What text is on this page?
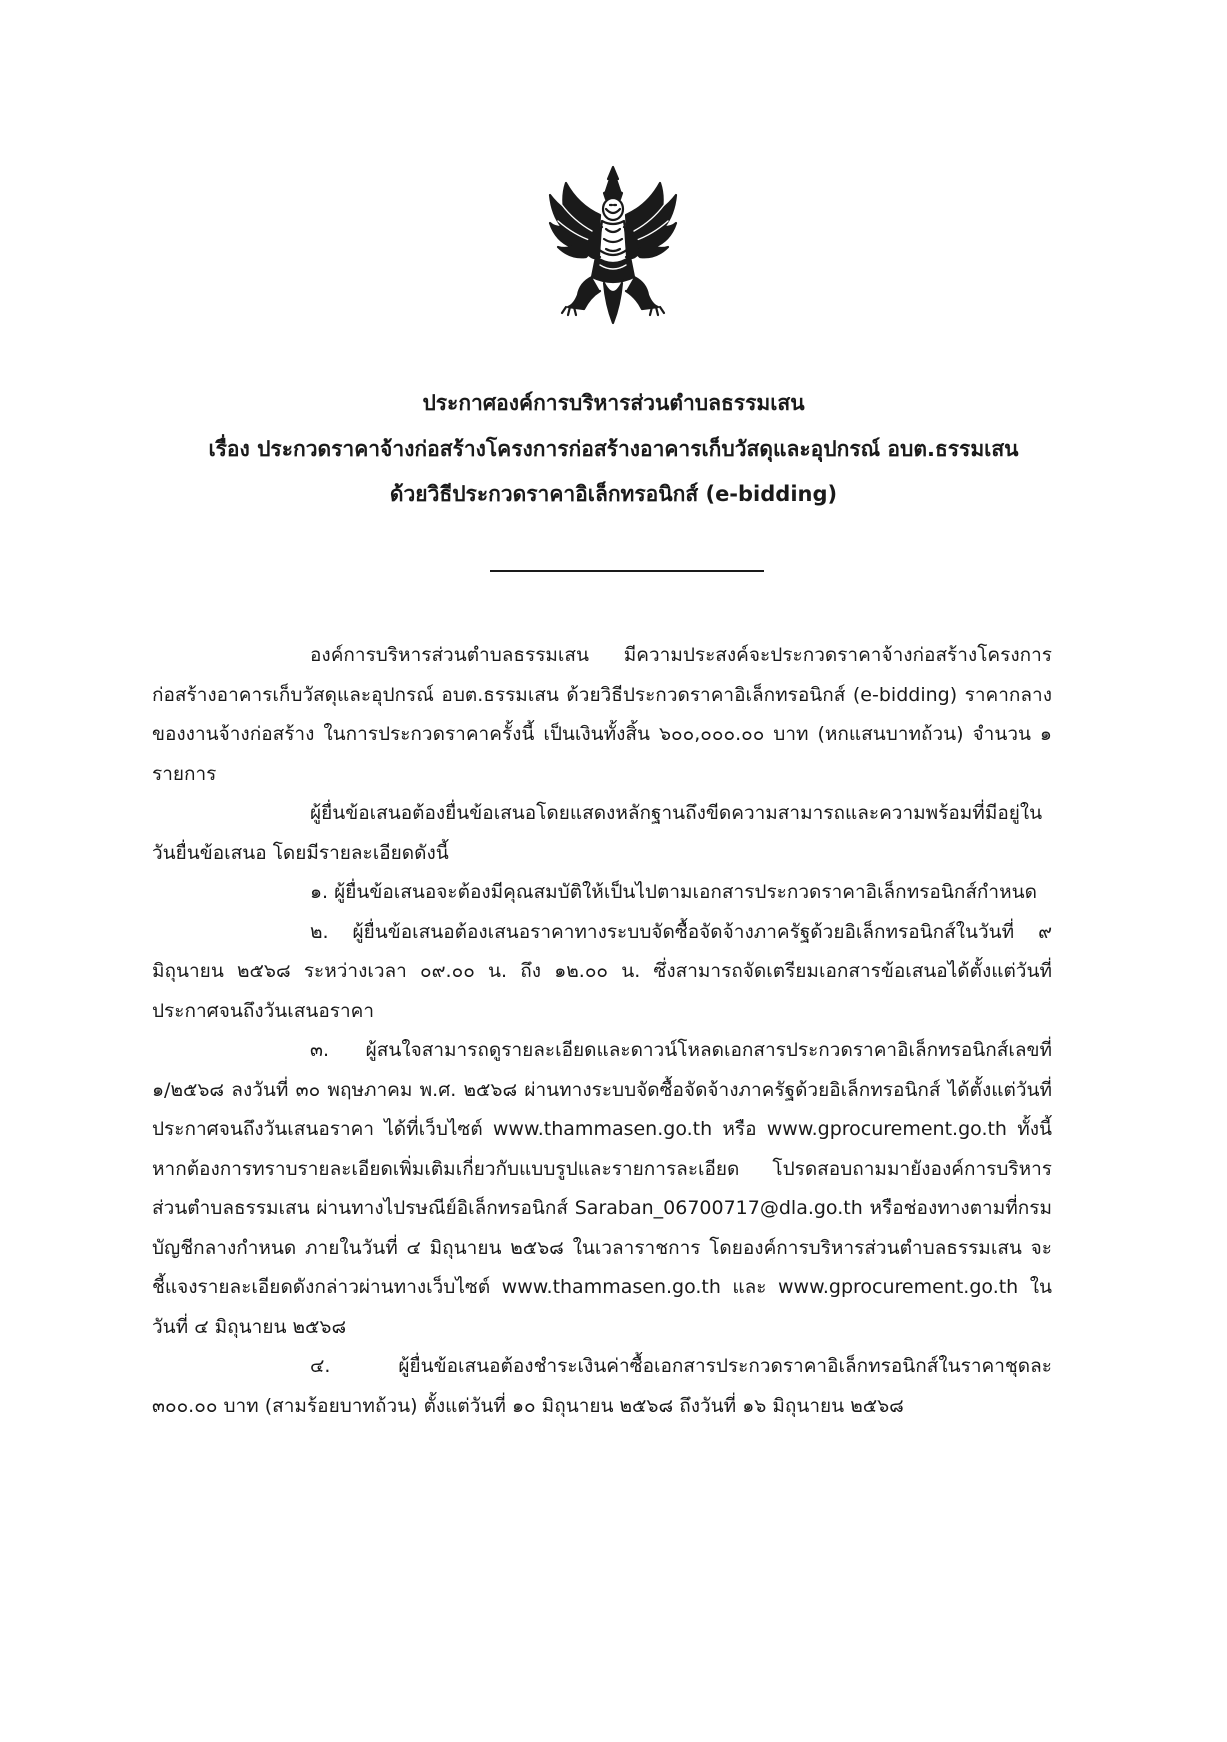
ประกาศองค์การบริหารส่วนตำบลธรรมเสน
เรื่อง ประกวดราคาจ้างก่อสร้างโครงการก่อสร้างอาคารเก็บวัสดุและอุปกรณ์ อบต.ธรรมเสน
ด้วยวิธีประกวดราคาอิเล็กทรอนิกส์ (e-bidding)

องค์การบริหารส่วนตำบลธรรมเสน มีความประสงค์จะประกวดราคาจ้างก่อสร้างโครงการก่อสร้างอาคารเก็บวัสดุและอุปกรณ์ อบต.ธรรมเสน ด้วยวิธีประกวดราคาอิเล็กทรอนิกส์ (e-bidding) ราคากลางของงานจ้างก่อสร้าง ในการประกวดราคาครั้งนี้ เป็นเงินทั้งสิ้น ๖๐๐,๐๐๐.๐๐ บาท (หกแสนบาทถ้วน) จำนวน ๑ รายการ

ผู้ยื่นข้อเสนอต้องยื่นข้อเสนอโดยแสดงหลักฐานถึงขีดความสามารถและความพร้อมที่มีอยู่ใน วันยื่นข้อเสนอ โดยมีรายละเอียดดังนี้

๑. ผู้ยื่นข้อเสนอจะต้องมีคุณสมบัติให้เป็นไปตามเอกสารประกวดราคาอิเล็กทรอนิกส์กำหนด

๒. ผู้ยื่นข้อเสนอต้องเสนอราคาทางระบบจัดซื้อจัดจ้างภาครัฐด้วยอิเล็กทรอนิกส์ในวันที่ ๙ มิถุนายน ๒๕๖๘ ระหว่างเวลา ๐๙.๐๐ น. ถึง ๑๒.๐๐ น. ซึ่งสามารถจัดเตรียมเอกสารข้อเสนอได้ตั้งแต่วันที่ประกาศจนถึงวันเสนอราคา

๓. ผู้สนใจสามารถดูรายละเอียดและดาวน์โหลดเอกสารประกวดราคาอิเล็กทรอนิกส์เลขที่ ๑/๒๕๖๘ ลงวันที่ ๓๐ พฤษภาคม พ.ศ. ๒๕๖๘ ผ่านทางระบบจัดซื้อจัดจ้างภาครัฐด้วยอิเล็กทรอนิกส์ ได้ตั้งแต่วันที่ประกาศจนถึงวันเสนอราคา ได้ที่เว็บไซต์ www.thammasen.go.th หรือ www.gprocurement.go.th ทั้งนี้ หากต้องการทราบรายละเอียดเพิ่มเติมเกี่ยวกับแบบรูปและรายการละเอียด โปรดสอบถามมายังองค์การบริหารส่วนตำบลธรรมเสน ผ่านทางไปรษณีย์อิเล็กทรอนิกส์ Saraban_06700717@dla.go.th หรือช่องทางตามที่กรมบัญชีกลางกำหนด ภายในวันที่ ๔ มิถุนายน ๒๕๖๘ ในเวลาราชการ โดยองค์การบริหารส่วนตำบลธรรมเสน จะชี้แจงรายละเอียดดังกล่าวผ่านทางเว็บไซต์ www.thammasen.go.th และ www.gprocurement.go.th ในวันที่ ๔ มิถุนายน ๒๕๖๘

๔. ผู้ยื่นข้อเสนอต้องชำระเงินค่าซื้อเอกสารประกวดราคาอิเล็กทรอนิกส์ในราคาชุดละ ๓๐๐.๐๐ บาท (สามร้อยบาทถ้วน) ตั้งแต่วันที่ ๑๐ มิถุนายน ๒๕๖๘ ถึงวันที่ ๑๖ มิถุนายน ๒๕๖๘
